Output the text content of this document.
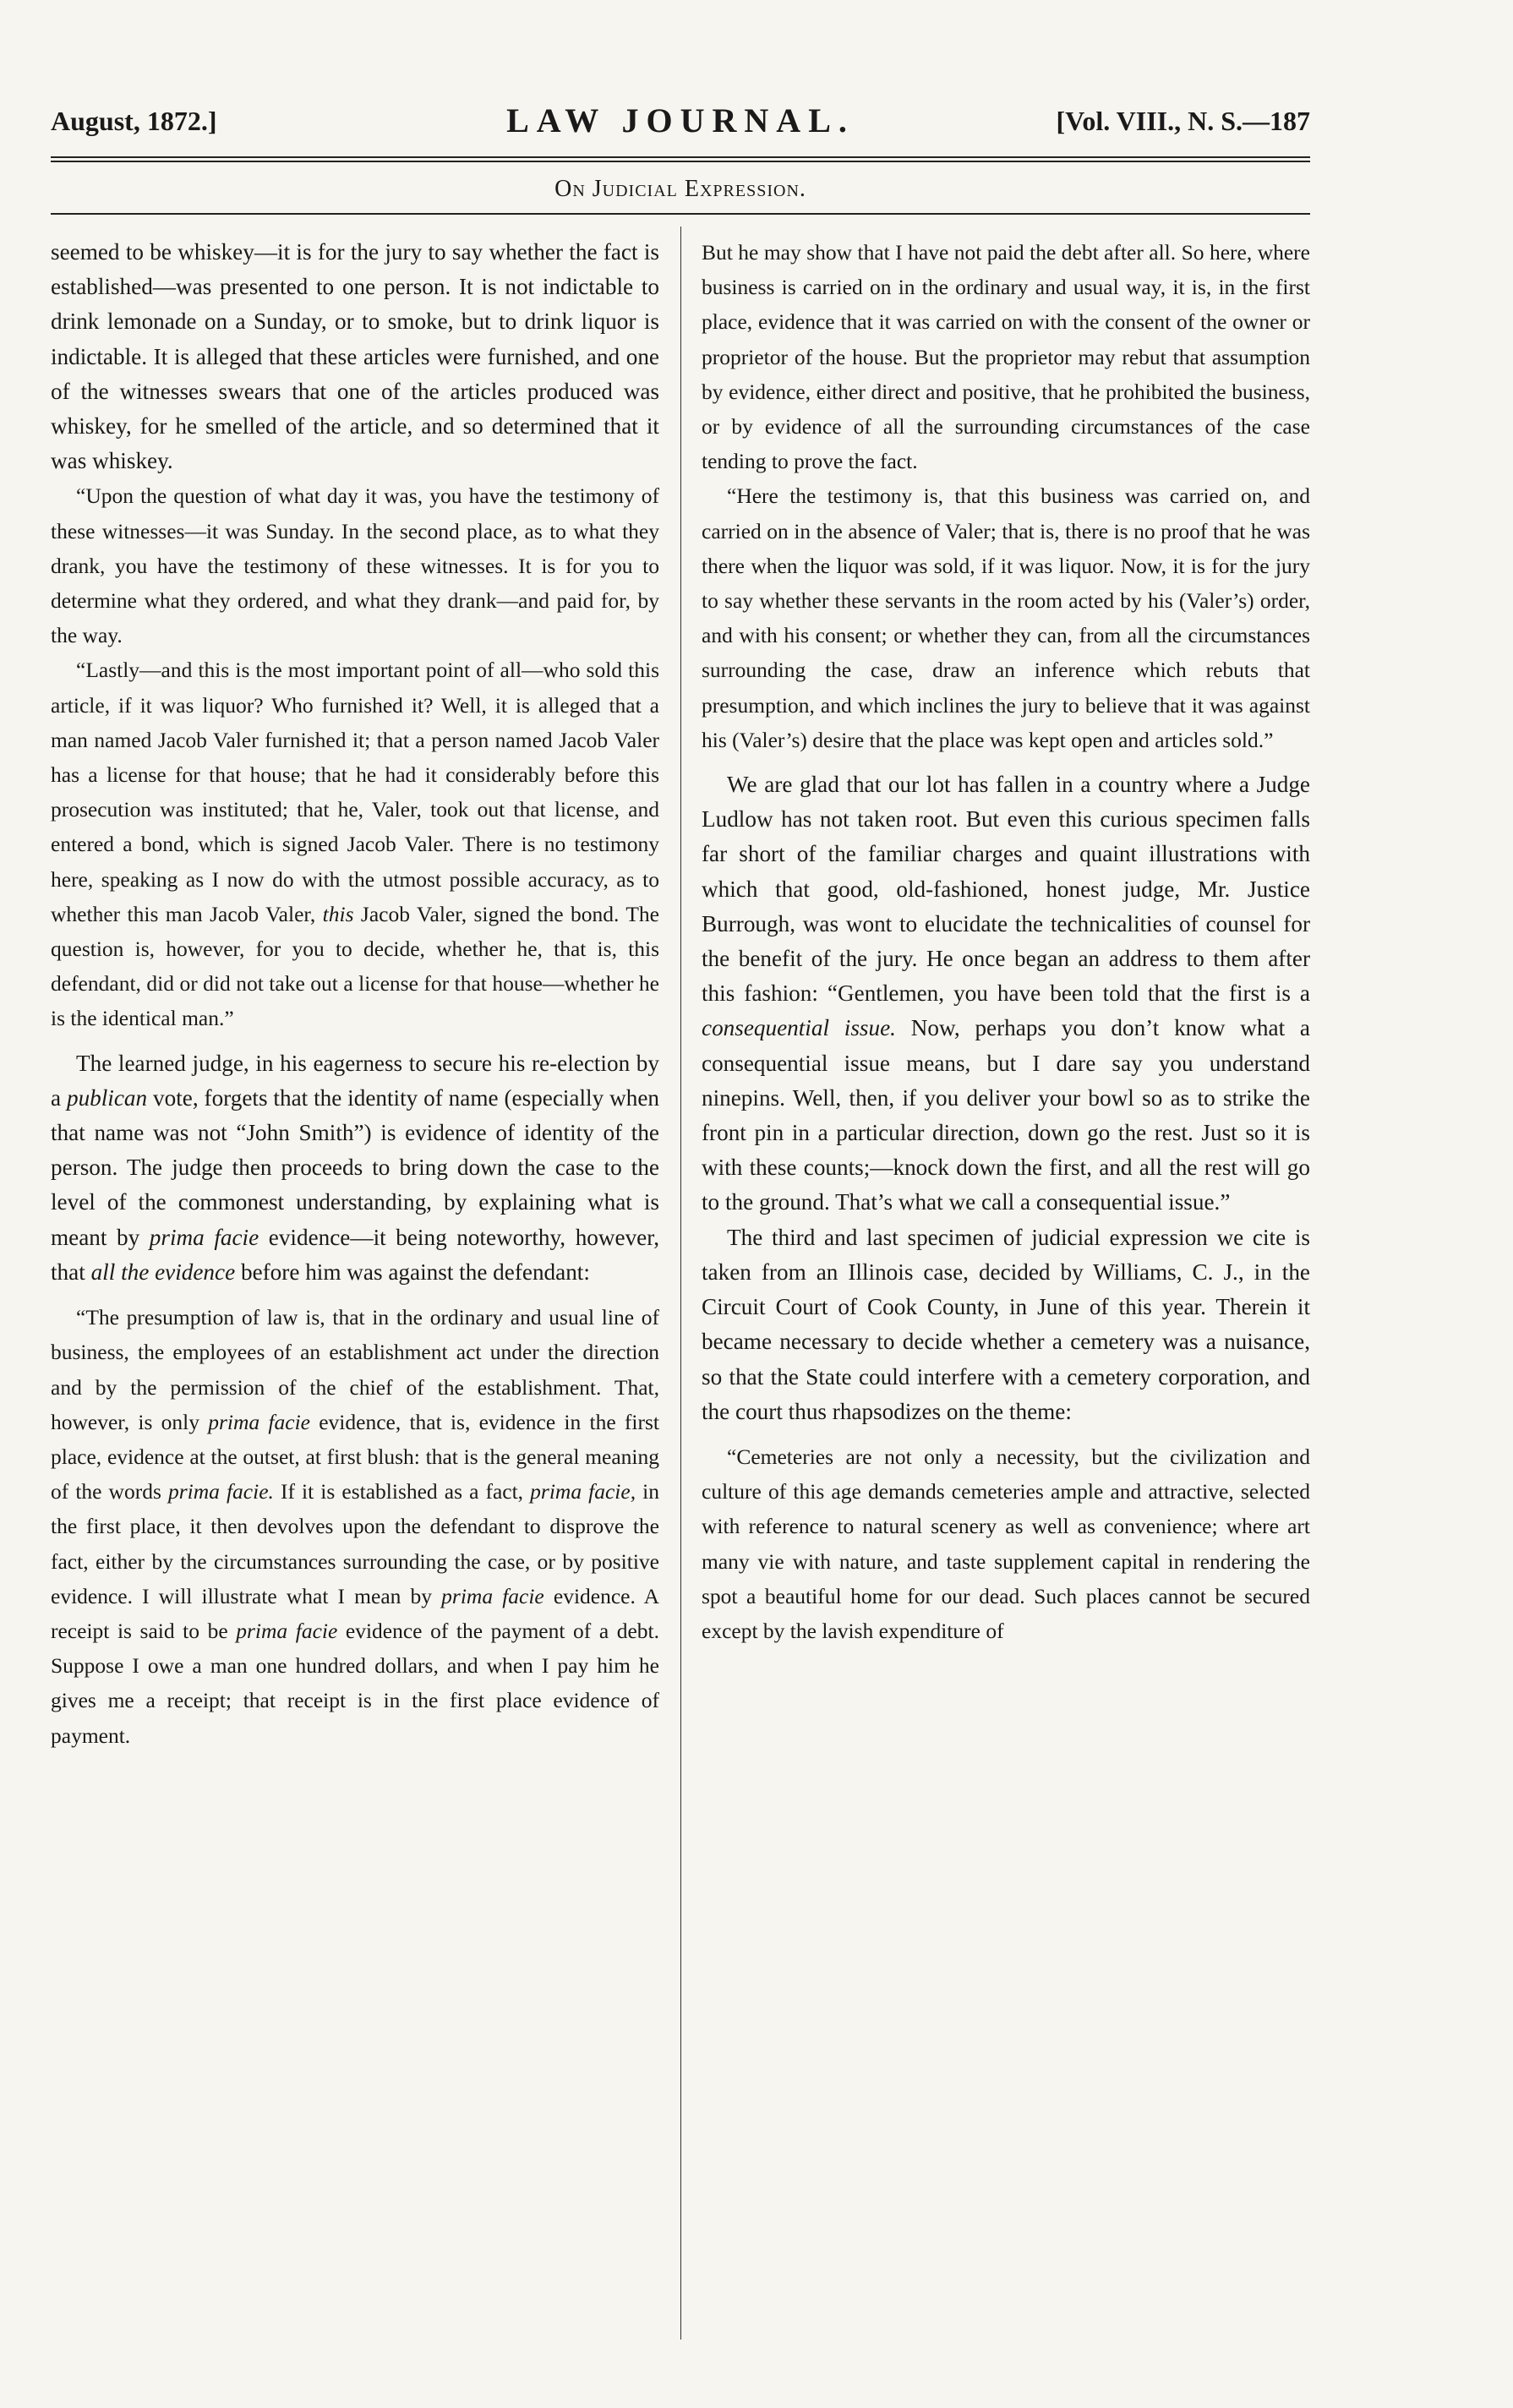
August, 1872.]	LAW JOURNAL.	[Vol. VIII., N. S.—187
On Judicial Expression.

seemed to be whiskey—it is for the jury to say whether the fact is established—was presented to one person. It is not indictable to drink lemonade on a Sunday, or to smoke, but to drink liquor is indictable. It is alleged that these articles were furnished, and one of the witnesses swears that one of the articles produced was whiskey, for he smelled of the article, and so determined that it was whiskey.

“Upon the question of what day it was, you have the testimony of these witnesses—it was Sunday. In the second place, as to what they drank, you have the testimony of these witnesses. It is for you to determine what they ordered, and what they drank—and paid for, by the way.

“Lastly—and this is the most important point of all—who sold this article, if it was liquor? Who furnished it? Well, it is alleged that a man named Jacob Valer furnished it; that a person named Jacob Valer has a license for that house; that he had it considerably before this prosecution was instituted; that he, Valer, took out that license, and entered a bond, which is signed Jacob Valer. There is no testimony here, speaking as I now do with the utmost possible accuracy, as to whether this man Jacob Valer, this Jacob Valer, signed the bond. The question is, however, for you to decide, whether he, that is, this defendant, did or did not take out a license for that house—whether he is the identical man.”

The learned judge, in his eagerness to secure his re-election by a publican vote, forgets that the identity of name (especially when that name was not “John Smith”) is evidence of identity of the person. The judge then proceeds to bring down the case to the level of the commonest understanding, by explaining what is meant by prima facie evidence—it being noteworthy, however, that all the evidence before him was against the defendant:

“The presumption of law is, that in the ordinary and usual line of business, the employees of an establishment act under the direction and by the permission of the chief of the establishment. That, however, is only prima facie evidence, that is, evidence in the first place, evidence at the outset, at first blush: that is the general meaning of the words prima facie. If it is established as a fact, prima facie, in the first place, it then devolves upon the defendant to disprove the fact, either by the circumstances surrounding the case, or by positive evidence. I will illustrate what I mean by prima facie evidence. A receipt is said to be prima facie evidence of the payment of a debt. Suppose I owe a man one hundred dollars, and when I pay him he gives me a receipt; that receipt is in the first place evidence of payment.

But he may show that I have not paid the debt after all. So here, where business is carried on in the ordinary and usual way, it is, in the first place, evidence that it was carried on with the consent of the owner or proprietor of the house. But the proprietor may rebut that assumption by evidence, either direct and positive, that he prohibited the business, or by evidence of all the surrounding circumstances of the case tending to prove the fact.

“Here the testimony is, that this business was carried on, and carried on in the absence of Valer; that is, there is no proof that he was there when the liquor was sold, if it was liquor. Now, it is for the jury to say whether these servants in the room acted by his (Valer’s) order, and with his consent; or whether they can, from all the circumstances surrounding the case, draw an inference which rebuts that presumption, and which inclines the jury to believe that it was against his (Valer’s) desire that the place was kept open and articles sold.”

We are glad that our lot has fallen in a country where a Judge Ludlow has not taken root. But even this curious specimen falls far short of the familiar charges and quaint illustrations with which that good, old-fashioned, honest judge, Mr. Justice Burrough, was wont to elucidate the technicalities of counsel for the benefit of the jury. He once began an address to them after this fashion: “Gentlemen, you have been told that the first is a consequential issue. Now, perhaps you don’t know what a consequential issue means, but I dare say you understand ninepins. Well, then, if you deliver your bowl so as to strike the front pin in a particular direction, down go the rest. Just so it is with these counts;—knock down the first, and all the rest will go to the ground. That’s what we call a consequential issue.”

The third and last specimen of judicial expression we cite is taken from an Illinois case, decided by Williams, C. J., in the Circuit Court of Cook County, in June of this year. Therein it became necessary to decide whether a cemetery was a nuisance, so that the State could interfere with a cemetery corporation, and the court thus rhapsodizes on the theme:

“Cemeteries are not only a necessity, but the civilization and culture of this age demands cemeteries ample and attractive, selected with reference to natural scenery as well as convenience; where art many vie with nature, and taste supplement capital in rendering the spot a beautiful home for our dead. Such places cannot be secured except by the lavish expenditure of
